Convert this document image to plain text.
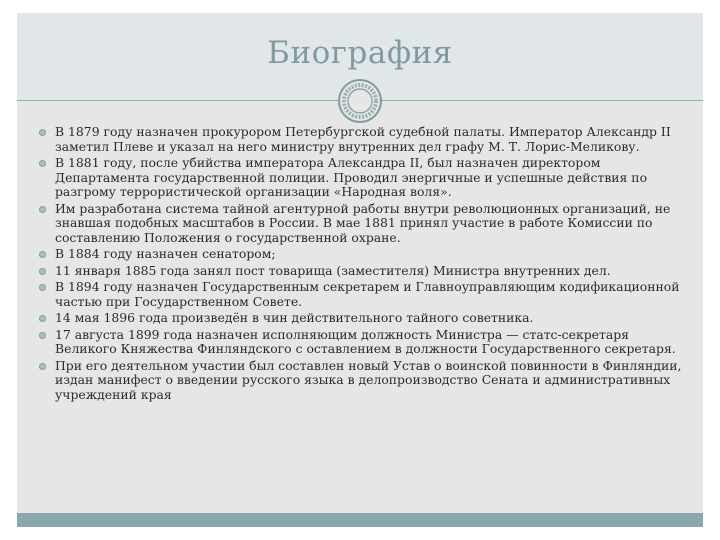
Биография
В 1879 году назначен прокурором Петербургской судебной палаты. Император Александр II заметил Плеве и указал на него министру внутренних дел графу М. Т. Лорис-Меликову.
В 1881 году, после убийства императора Александра II, был назначен директором Департамента государственной полиции. Проводил энергичные и успешные действия по разгрому террористической организации «Народная воля».
Им разработана система тайной агентурной работы внутри революционных организаций, не знавшая подобных масштабов в России. В мае 1881 принял участие в работе Комиссии по составлению Положения о государственной охране.
В 1884 году назначен сенатором;
11 января 1885 года занял пост товарища (заместителя) Министра внутренних дел.
В 1894 году назначен Государственным секретарем и Главноуправляющим кодификационной частью при Государственном Совете.
14 мая 1896 года произведён в чин действительного тайного советника.
17 августа 1899 года назначен исполняющим должность Министра — статс-секретаря Великого Княжества Финляндского с оставлением в должности Государственного секретаря.
При его деятельном участии был составлен новый Устав о воинской повинности в Финляндии, издан манифест о введении русского языка в делопроизводство Сената и административных учреждений края
